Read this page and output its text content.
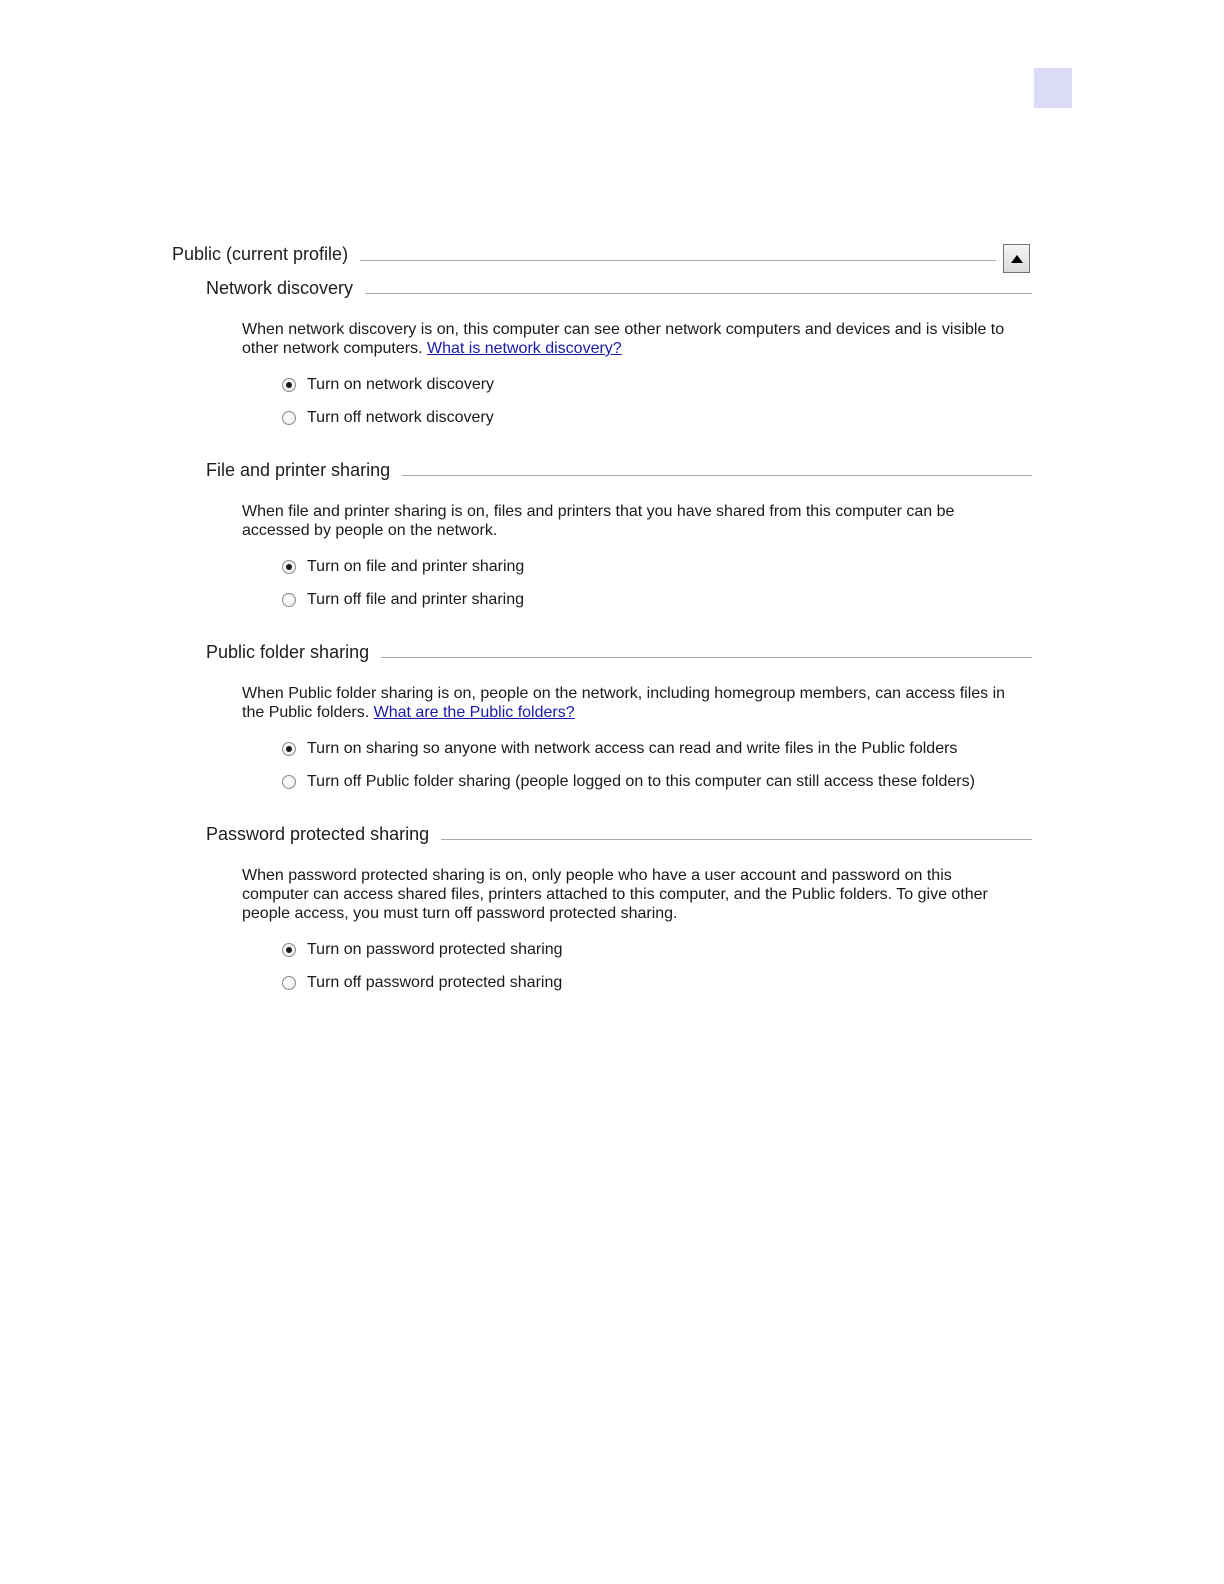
Public (current profile)
Network discovery
When network discovery is on, this computer can see other network computers and devices and is visible to other network computers. What is network discovery?
Turn on network discovery
Turn off network discovery
File and printer sharing
When file and printer sharing is on, files and printers that you have shared from this computer can be accessed by people on the network.
Turn on file and printer sharing
Turn off file and printer sharing
Public folder sharing
When Public folder sharing is on, people on the network, including homegroup members, can access files in the Public folders. What are the Public folders?
Turn on sharing so anyone with network access can read and write files in the Public folders
Turn off Public folder sharing (people logged on to this computer can still access these folders)
Password protected sharing
When password protected sharing is on, only people who have a user account and password on this computer can access shared files, printers attached to this computer, and the Public folders. To give other people access, you must turn off password protected sharing.
Turn on password protected sharing
Turn off password protected sharing
